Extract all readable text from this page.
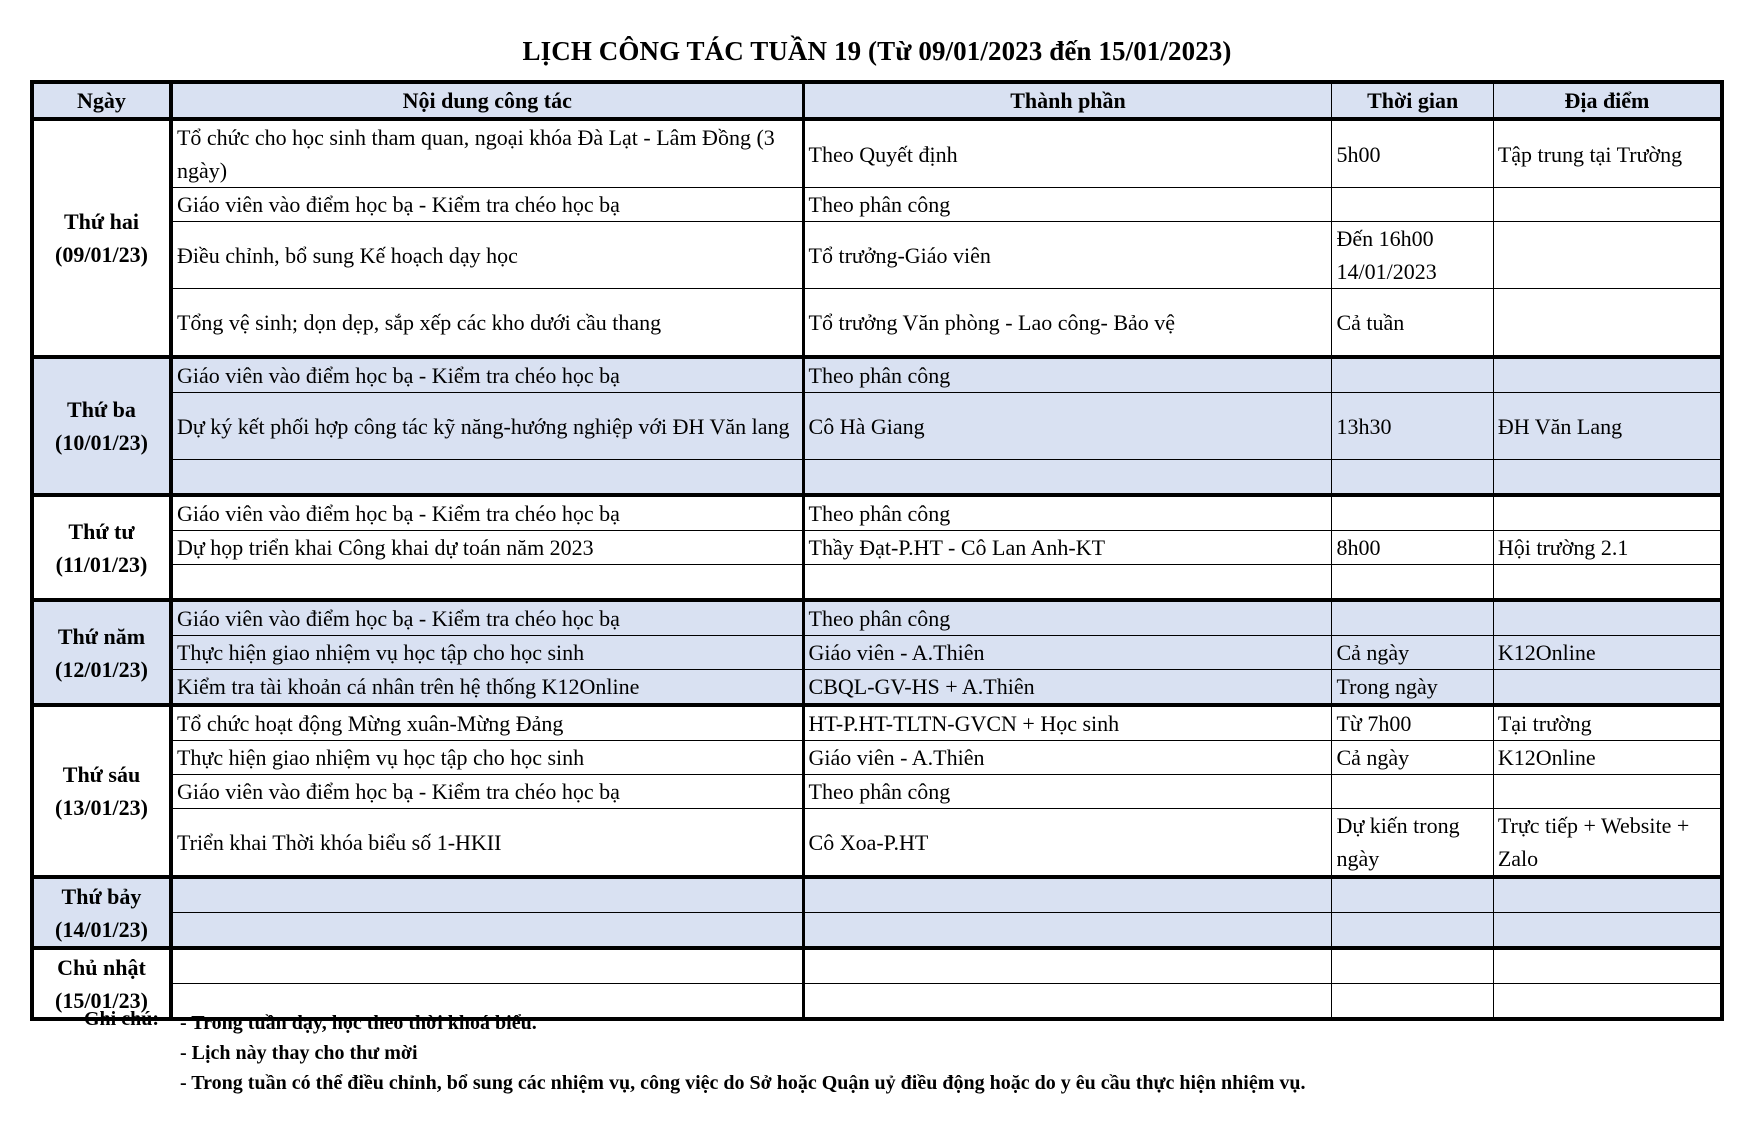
LỊCH CÔNG TÁC TUẦN 19 (Từ 09/01/2023 đến 15/01/2023)
Ngày	Nội dung công tác	Thành phần	Thời gian	Địa điểm

Thứ hai
(09/01/23)	Tổ chức cho học sinh tham quan, ngoại khóa Đà Lạt - Lâm Đồng (3 ngày)	Theo Quyết định	5h00	Tập trung tại Trường
	Giáo viên vào điểm học bạ - Kiểm tra chéo học bạ	Theo phân công		
	Điều chỉnh, bổ sung Kế hoạch dạy học	Tổ trưởng-Giáo viên	Đến 16h00 14/01/2023	
	Tổng vệ sinh; dọn dẹp, sắp xếp các kho dưới cầu thang	Tổ trưởng Văn phòng - Lao công- Bảo vệ	Cả tuần	

Thứ ba
(10/01/23)	Giáo viên vào điểm học bạ - Kiểm tra chéo học bạ	Theo phân công		
	Dự ký kết phối hợp công tác kỹ năng-hướng nghiệp với ĐH Văn lang	Cô Hà Giang	13h30	ĐH Văn Lang

Thứ tư
(11/01/23)	Giáo viên vào điểm học bạ - Kiểm tra chéo học bạ	Theo phân công		
	Dự họp triển khai Công khai dự toán năm 2023	Thầy Đạt-P.HT - Cô Lan Anh-KT	8h00	Hội trường 2.1

Thứ năm
(12/01/23)	Giáo viên vào điểm học bạ - Kiểm tra chéo học bạ	Theo phân công		
	Thực hiện giao nhiệm vụ học tập cho học sinh	Giáo viên - A.Thiên	Cả ngày	K12Online
	Kiểm tra tài khoản cá nhân trên hệ thống K12Online	CBQL-GV-HS + A.Thiên	Trong ngày	

Thứ sáu
(13/01/23)	Tổ chức hoạt động Mừng xuân-Mừng Đảng	HT-P.HT-TLTN-GVCN + Học sinh	Từ 7h00	Tại trường
	Thực hiện giao nhiệm vụ học tập cho học sinh	Giáo viên - A.Thiên	Cả ngày	K12Online
	Giáo viên vào điểm học bạ - Kiểm tra chéo học bạ	Theo phân công		
	Triển khai Thời khóa biểu số 1-HKII	Cô Xoa-P.HT	Dự kiến trong ngày	Trực tiếp + Website + Zalo

Thứ bảy
(14/01/23)				

Chủ nhật
(15/01/23)				

Ghi chú:	- Trong tuần dạy, học theo thời khoá biểu.
- Lịch này thay cho thư mời
- Trong tuần có thể điều chỉnh, bổ sung các nhiệm vụ, công việc do Sở hoặc Quận uỷ điều động hoặc do y êu cầu thực hiện nhiệm vụ.
